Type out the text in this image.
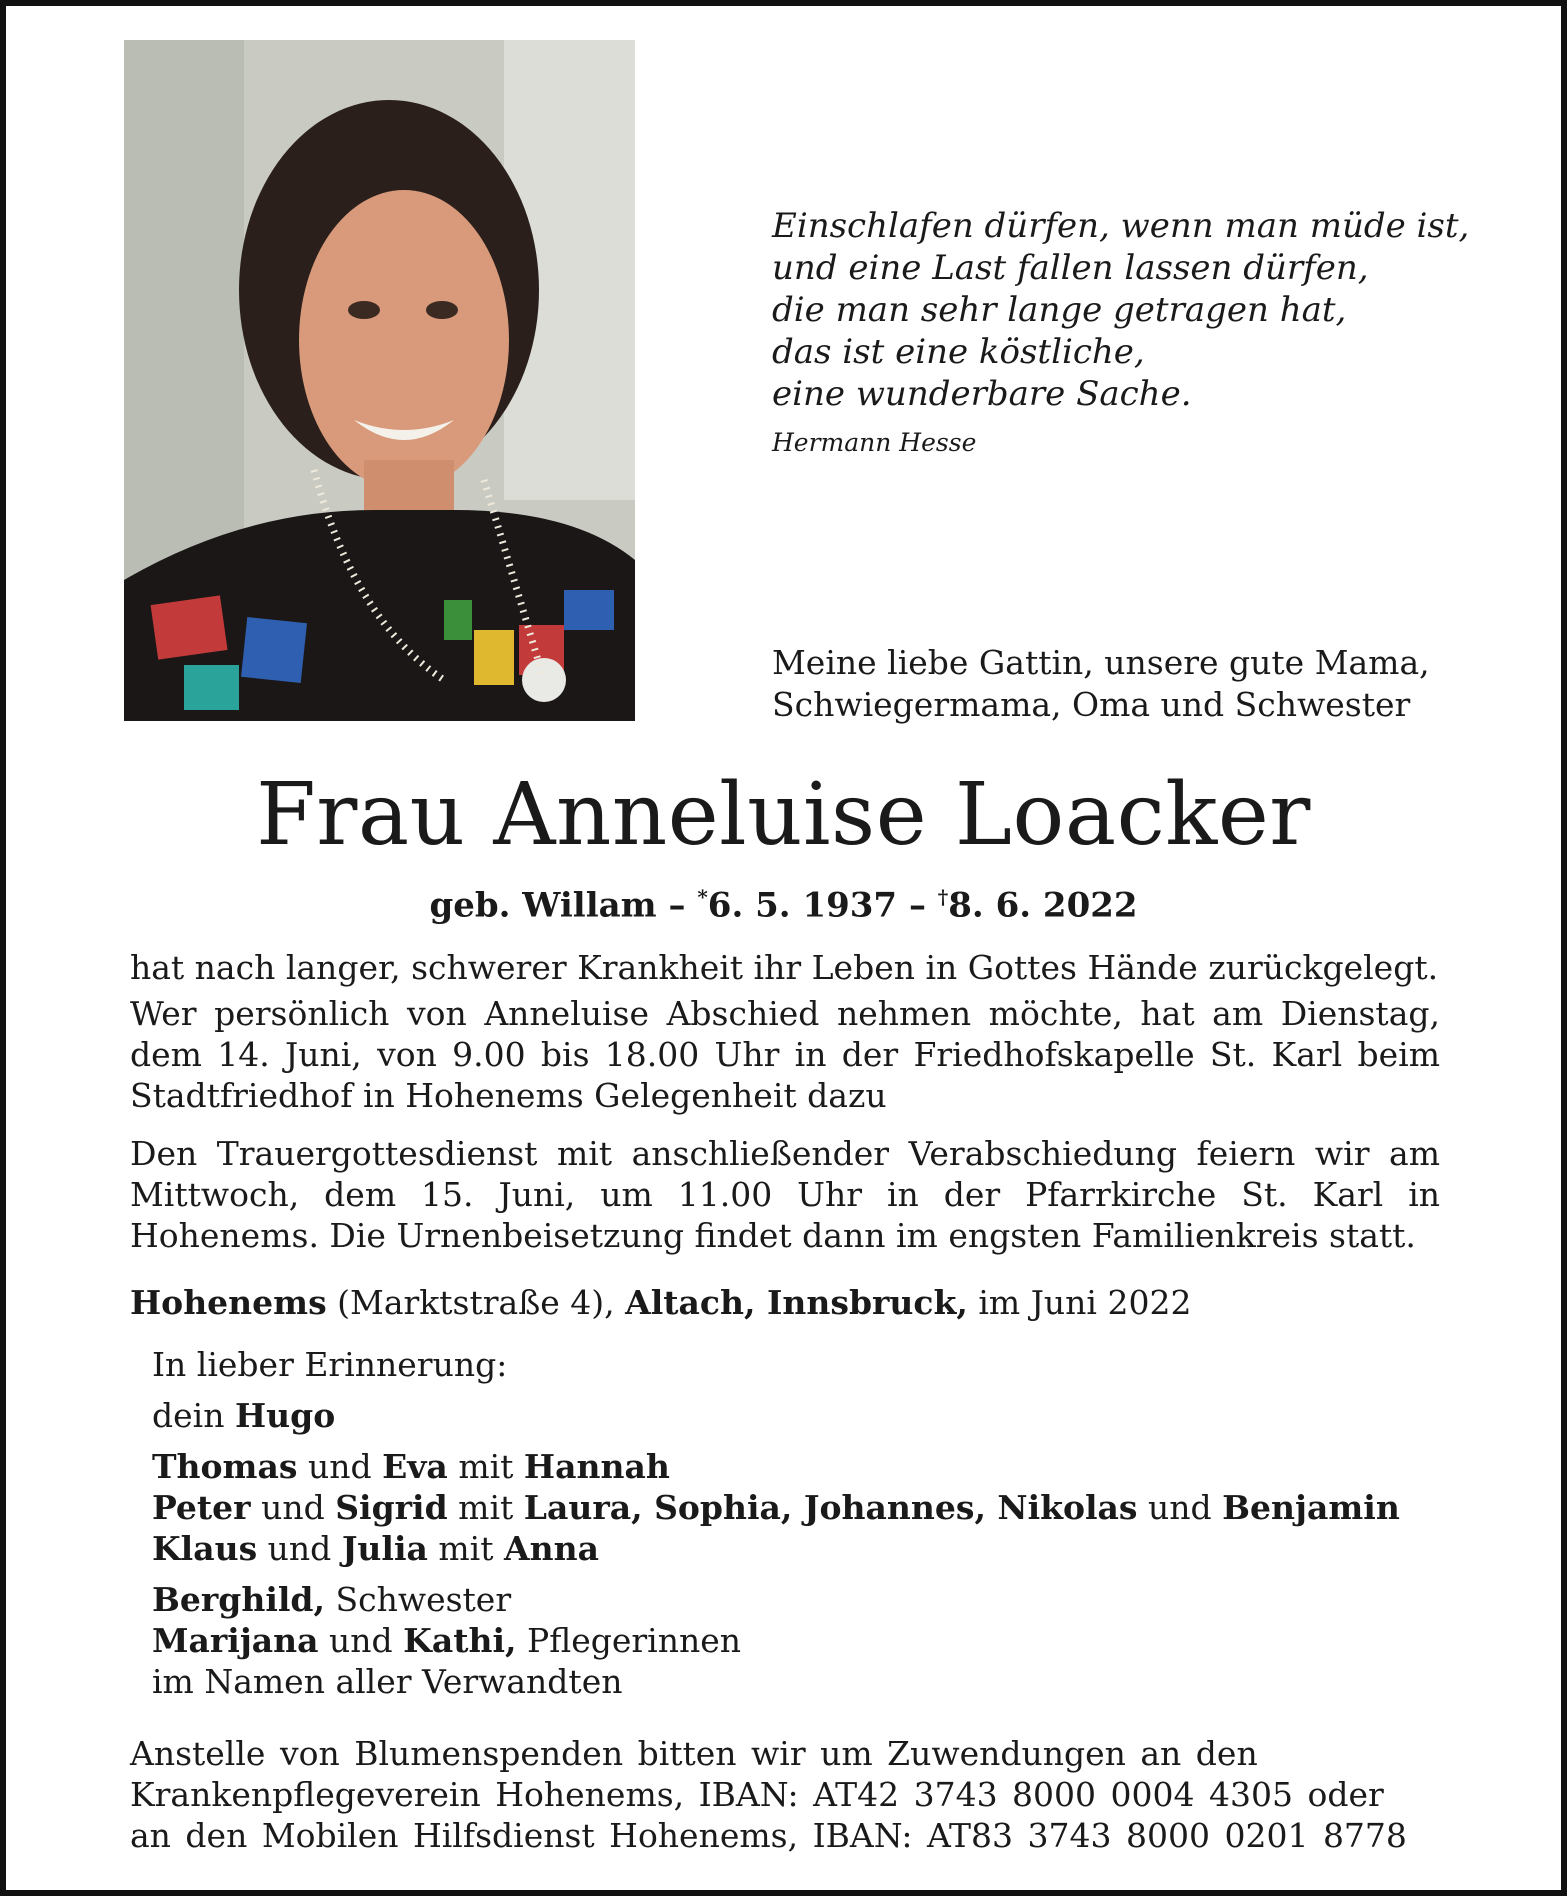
Einschlafen dürfen, wenn man müde ist,
und eine Last fallen lassen dürfen,
die man sehr lange getragen hat,
das ist eine köstliche,
eine wunderbare Sache.
Hermann Hesse
Meine liebe Gattin, unsere gute Mama,
Schwiegermama, Oma und Schwester
Frau Anneluise Loacker
geb. Willam – *6. 5. 1937 – †8. 6. 2022
hat nach langer, schwerer Krankheit ihr Leben in Gottes Hände zurückgelegt.
Wer persönlich von Anneluise Abschied nehmen möchte, hat am Dienstag, dem 14. Juni, von 9.00 bis 18.00 Uhr in der Friedhofskapelle St. Karl beim Stadtfriedhof in Hohenems Gelegenheit dazu
Den Trauergottesdienst mit anschließender Verabschiedung feiern wir am Mittwoch, dem 15. Juni, um 11.00 Uhr in der Pfarrkirche St. Karl in Hohenems. Die Urnenbeisetzung findet dann im engsten Familienkreis statt.
Hohenems (Marktstraße 4), Altach, Innsbruck, im Juni 2022
In lieber Erinnerung:
dein Hugo
Thomas und Eva mit Hannah
Peter und Sigrid mit Laura, Sophia, Johannes, Nikolas und Benjamin
Klaus und Julia mit Anna
Berghild, Schwester
Marijana und Kathi, Pflegerinnen
im Namen aller Verwandten
Anstelle von Blumenspenden bitten wir um Zuwendungen an den
Krankenpflegeverein Hohenems, IBAN: AT42 3743 8000 0004 4305 oder
an den Mobilen Hilfsdienst Hohenems, IBAN: AT83 3743 8000 0201 8778
